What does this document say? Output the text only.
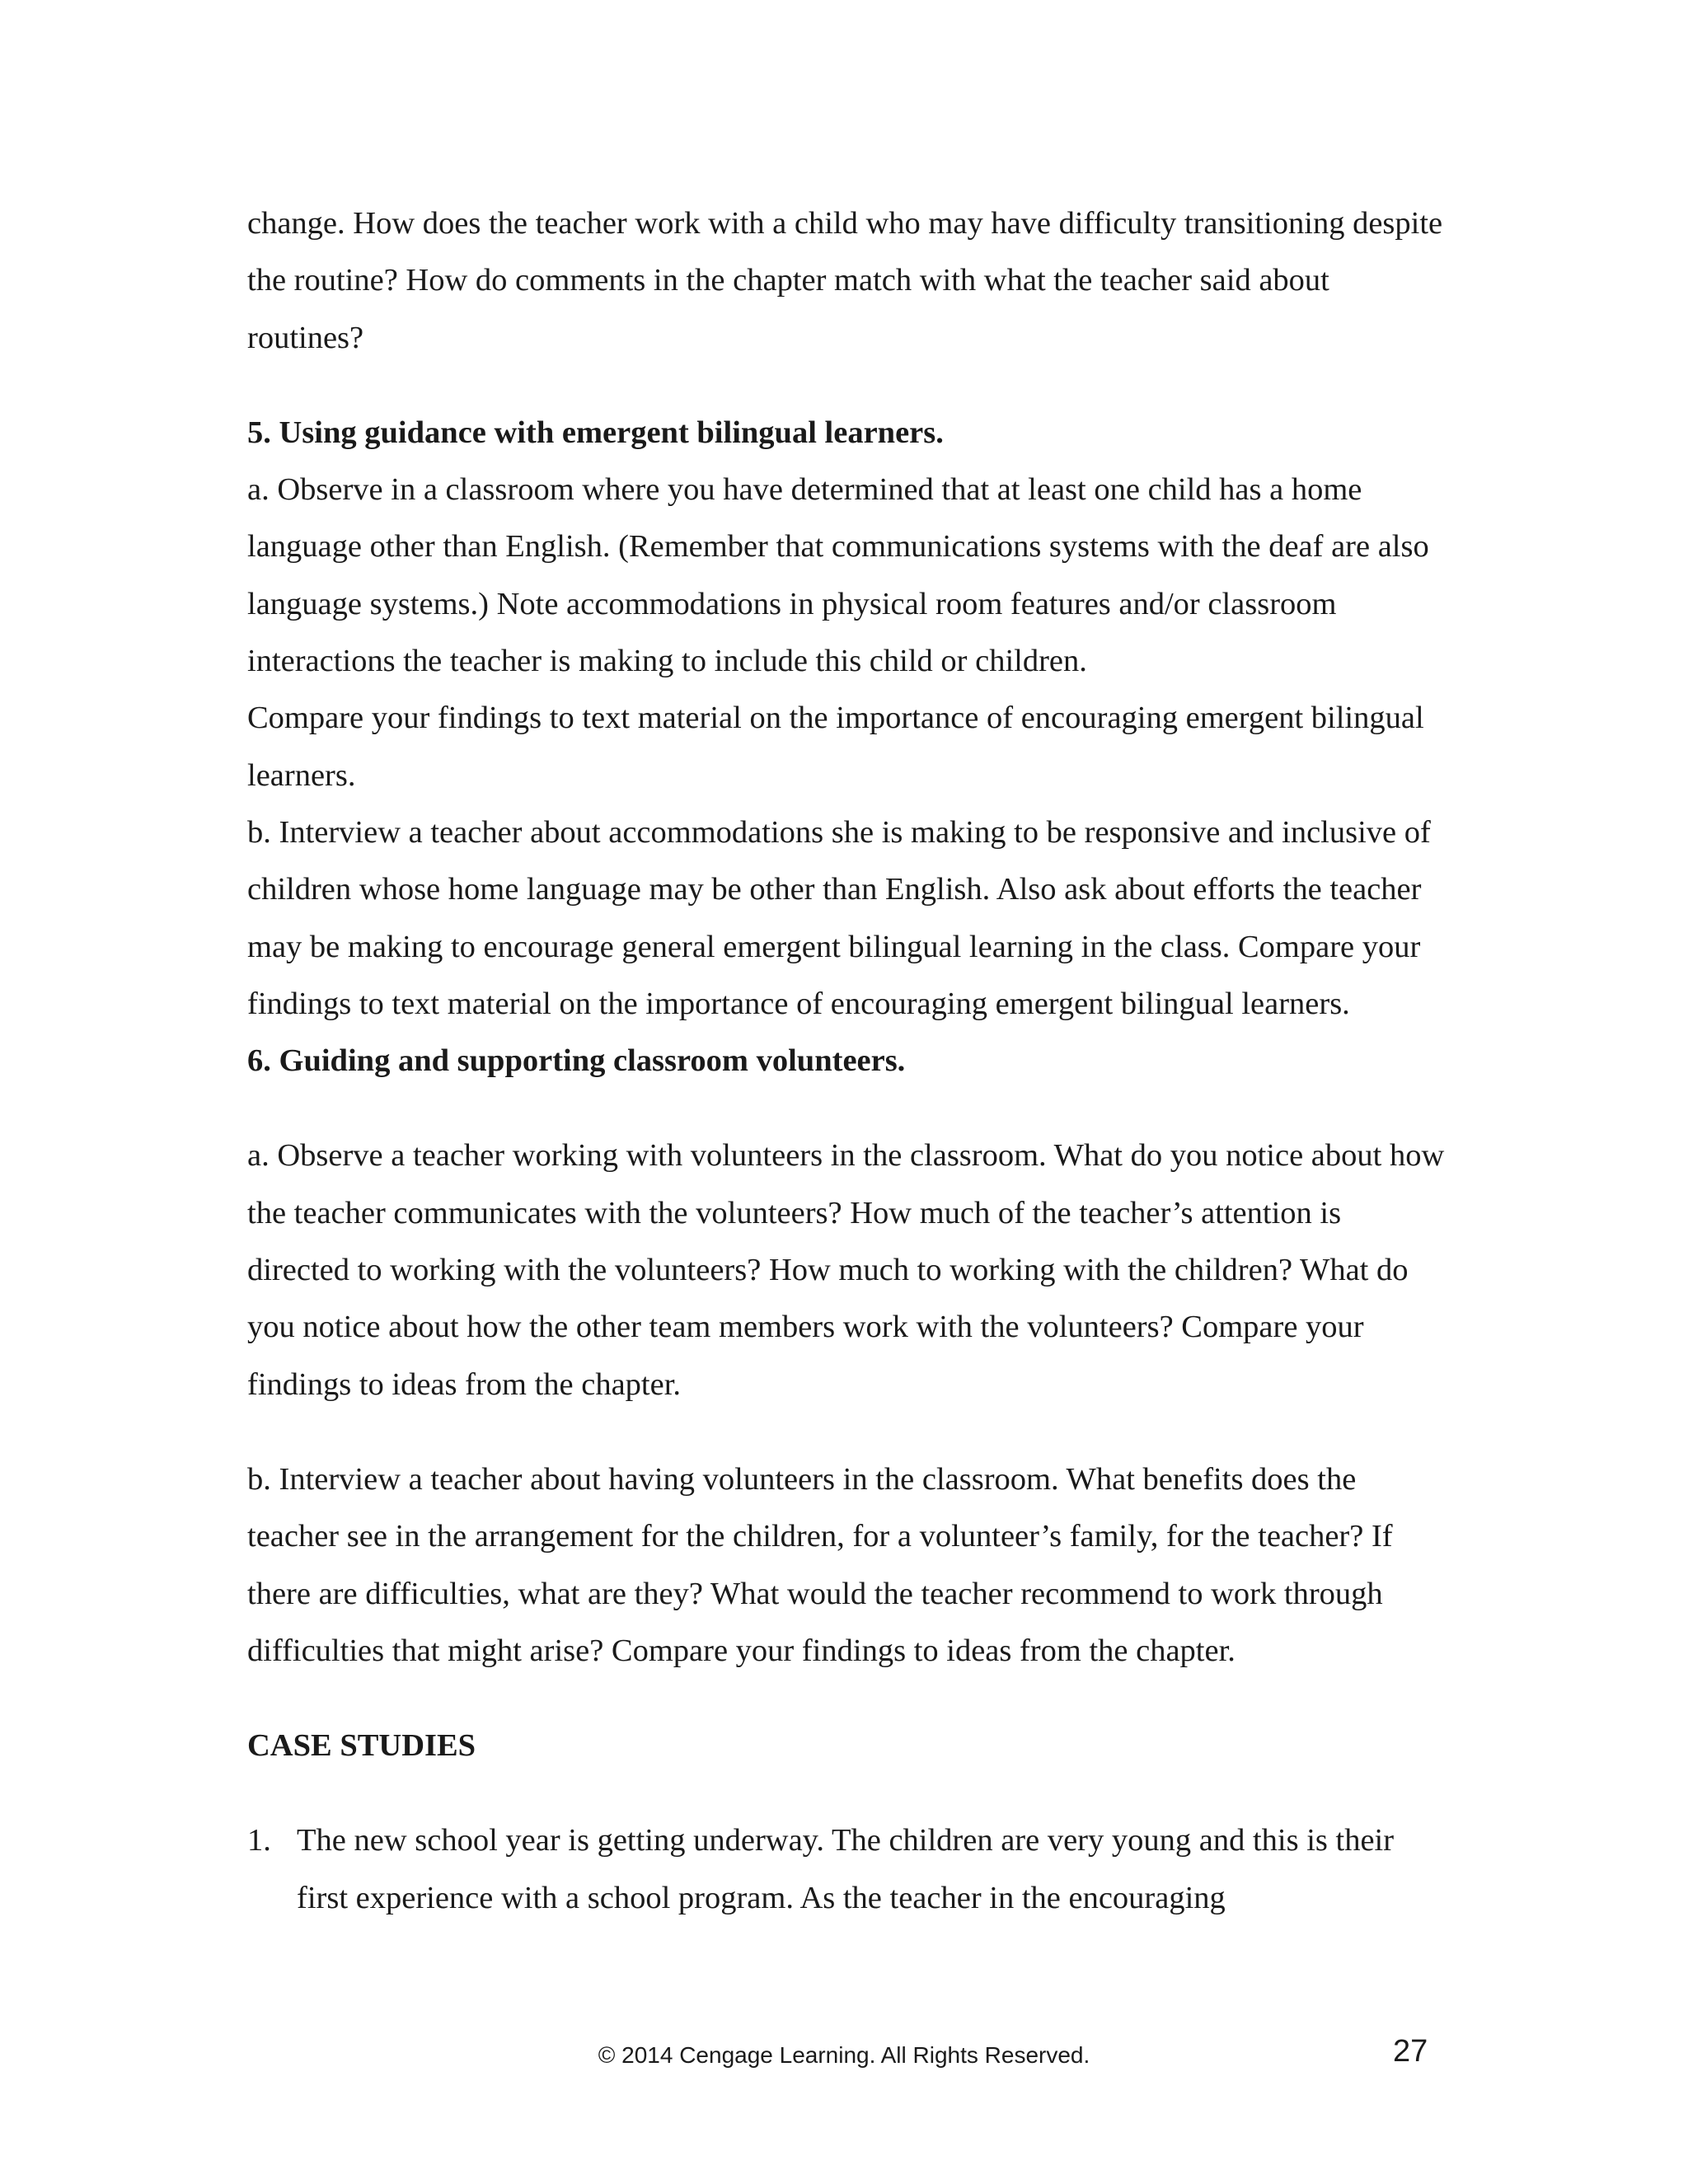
change. How does the teacher work with a child who may have difficulty transitioning despite the routine? How do comments in the chapter match with what the teacher said about routines?

5. Using guidance with emergent bilingual learners.

a. Observe in a classroom where you have determined that at least one child has a home language other than English. (Remember that communications systems with the deaf are also language systems.) Note accommodations in physical room features and/or classroom interactions the teacher is making to include this child or children.

Compare your findings to text material on the importance of encouraging emergent bilingual learners.

b. Interview a teacher about accommodations she is making to be responsive and inclusive of children whose home language may be other than English. Also ask about efforts the teacher may be making to encourage general emergent bilingual learning in the class. Compare your findings to text material on the importance of encouraging emergent bilingual learners.

6. Guiding and supporting classroom volunteers.

a. Observe a teacher working with volunteers in the classroom. What do you notice about how the teacher communicates with the volunteers? How much of the teacher’s attention is directed to working with the volunteers? How much to working with the children? What do you notice about how the other team members work with the volunteers? Compare your findings to ideas from the chapter.

b. Interview a teacher about having volunteers in the classroom. What benefits does the teacher see in the arrangement for the children, for a volunteer’s family, for the teacher? If there are difficulties, what are they? What would the teacher recommend to work through difficulties that might arise? Compare your findings to ideas from the chapter.

CASE STUDIES

1. The new school year is getting underway. The children are very young and this is their first experience with a school program. As the teacher in the encouraging
© 2014 Cengage Learning. All Rights Reserved.	27
